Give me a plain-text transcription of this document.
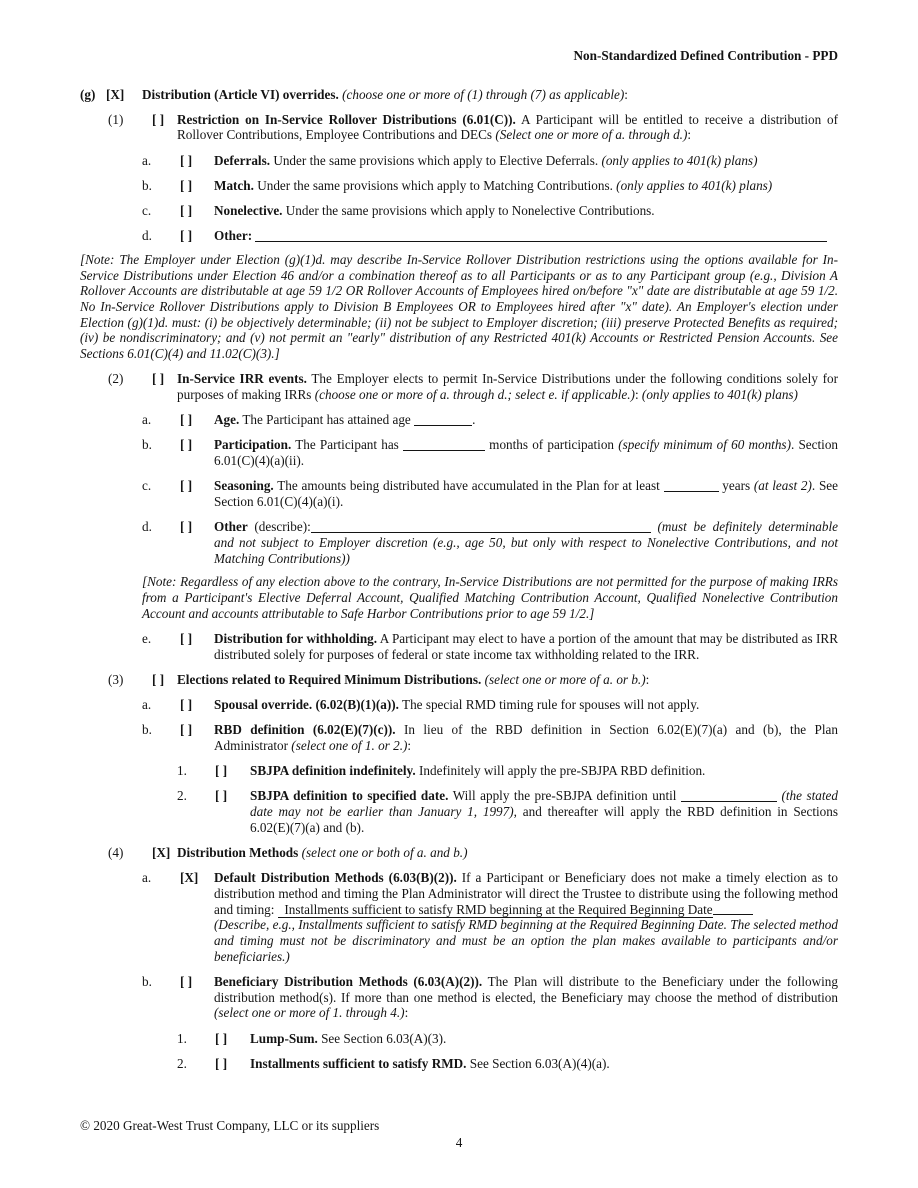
Non-Standardized Defined Contribution - PPD
(g) [X]	Distribution (Article VI) overrides. (choose one or more of (1) through (7) as applicable):
(1)	[ ] Restriction on In-Service Rollover Distributions (6.01(C)). A Participant will be entitled to receive a distribution of Rollover Contributions, Employee Contributions and DECs (Select one or more of a. through d.):
a.	[ ]	Deferrals. Under the same provisions which apply to Elective Deferrals. (only applies to 401(k) plans)
b.	[ ]	Match. Under the same provisions which apply to Matching Contributions. (only applies to 401(k) plans)
c.	[ ]	Nonelective. Under the same provisions which apply to Nonelective Contributions.
d.	[ ]	Other:
[Note: The Employer under Election (g)(1)d. may describe In-Service Rollover Distribution restrictions using the options available for In-Service Distributions under Election 46 and/or a combination thereof as to all Participants or as to any Participant group (e.g., Division A Rollover Accounts are distributable at age 59 1/2 OR Rollover Accounts of Employees hired on/before "x" date are distributable at age 59 1/2. No In-Service Rollover Distributions apply to Division B Employees OR to Employees hired after "x" date). An Employer's election under Election (g)(1)d. must: (i) be objectively determinable; (ii) not be subject to Employer discretion; (iii) preserve Protected Benefits as required; (iv) be nondiscriminatory; and (v) not permit an "early" distribution of any Restricted 401(k) Accounts or Restricted Pension Accounts. See Sections 6.01(C)(4) and 11.02(C)(3).]
(2)	[ ] In-Service IRR events. The Employer elects to permit In-Service Distributions under the following conditions solely for purposes of making IRRs (choose one or more of a. through d.; select e. if applicable.): (only applies to 401(k) plans)
a.	[ ]	Age. The Participant has attained age	.
b.	[ ]	Participation. The Participant has	months of participation (specify minimum of 60 months). Section 6.01(C)(4)(a)(ii).
c.	[ ]	Seasoning. The amounts being distributed have accumulated in the Plan for at least	years (at least 2). See Section 6.01(C)(4)(a)(i).
d.	[ ]	Other (describe):	(must be definitely determinable and not subject to Employer discretion (e.g., age 50, but only with respect to Nonelective Contributions, and not Matching Contributions))
[Note: Regardless of any election above to the contrary, In-Service Distributions are not permitted for the purpose of making IRRs from a Participant's Elective Deferral Account, Qualified Matching Contribution Account, Qualified Nonelective Contribution Account and accounts attributable to Safe Harbor Contributions prior to age 59 1/2.]
e.	[ ]	Distribution for withholding. A Participant may elect to have a portion of the amount that may be distributed as IRR distributed solely for purposes of federal or state income tax withholding related to the IRR.
(3)	[ ] Elections related to Required Minimum Distributions. (select one or more of a. or b.):
a.	[ ]	Spousal override. (6.02(B)(1)(a)). The special RMD timing rule for spouses will not apply.
b.	[ ]	RBD definition (6.02(E)(7)(c)). In lieu of the RBD definition in Section 6.02(E)(7)(a) and (b), the Plan Administrator (select one of 1. or 2.):
1.	[ ]	SBJPA definition indefinitely. Indefinitely will apply the pre-SBJPA RBD definition.
2.	[ ]	SBJPA definition to specified date. Will apply the pre-SBJPA definition until	(the stated date may not be earlier than January 1, 1997), and thereafter will apply the RBD definition in Sections 6.02(E)(7)(a) and (b).
(4)	[X] Distribution Methods (select one or both of a. and b.)
a.	[X]	Default Distribution Methods (6.03(B)(2)). If a Participant or Beneficiary does not make a timely election as to distribution method and timing the Plan Administrator will direct the Trustee to distribute using the following method and timing:   Installments sufficient to satisfy RMD beginning at the Required Beginning Date
(Describe, e.g., Installments sufficient to satisfy RMD beginning at the Required Beginning Date. The selected method and timing must not be discriminatory and must be an option the plan makes available to participants and/or beneficiaries.)
b.	[ ]	Beneficiary Distribution Methods (6.03(A)(2)). The Plan will distribute to the Beneficiary under the following distribution method(s). If more than one method is elected, the Beneficiary may choose the method of distribution (select one or more of 1. through 4.):
1.	[ ]	Lump-Sum. See Section 6.03(A)(3).
2.	[ ]	Installments sufficient to satisfy RMD. See Section 6.03(A)(4)(a).
© 2020 Great-West Trust Company, LLC or its suppliers
4
